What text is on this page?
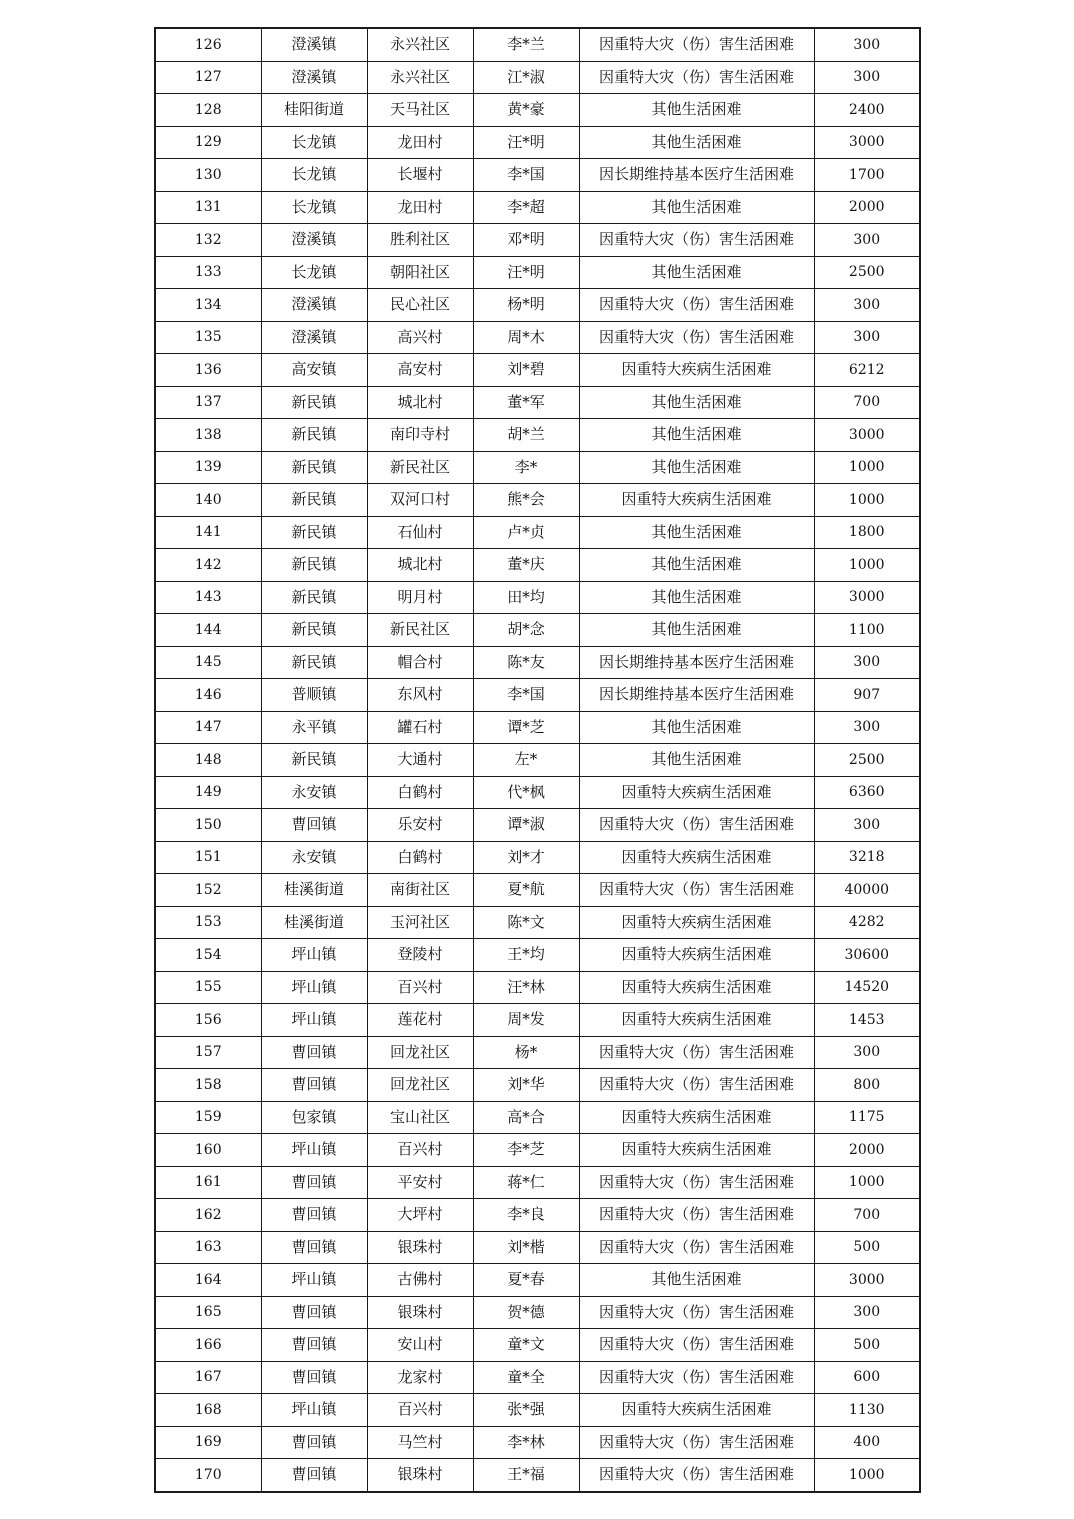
126	澄溪镇	永兴社区	李*兰	因重特大灾（伤）害生活困难	300
127	澄溪镇	永兴社区	江*淑	因重特大灾（伤）害生活困难	300
128	桂阳街道	天马社区	黄*豪	其他生活困难	2400
129	长龙镇	龙田村	汪*明	其他生活困难	3000
130	长龙镇	长堰村	李*国	因长期维持基本医疗生活困难	1700
131	长龙镇	龙田村	李*超	其他生活困难	2000
132	澄溪镇	胜利社区	邓*明	因重特大灾（伤）害生活困难	300
133	长龙镇	朝阳社区	汪*明	其他生活困难	2500
134	澄溪镇	民心社区	杨*明	因重特大灾（伤）害生活困难	300
135	澄溪镇	高兴村	周*木	因重特大灾（伤）害生活困难	300
136	高安镇	高安村	刘*碧	因重特大疾病生活困难	6212
137	新民镇	城北村	董*军	其他生活困难	700
138	新民镇	南印寺村	胡*兰	其他生活困难	3000
139	新民镇	新民社区	李*	其他生活困难	1000
140	新民镇	双河口村	熊*会	因重特大疾病生活困难	1000
141	新民镇	石仙村	卢*贞	其他生活困难	1800
142	新民镇	城北村	董*庆	其他生活困难	1000
143	新民镇	明月村	田*均	其他生活困难	3000
144	新民镇	新民社区	胡*念	其他生活困难	1100
145	新民镇	帽合村	陈*友	因长期维持基本医疗生活困难	300
146	普顺镇	东风村	李*国	因长期维持基本医疗生活困难	907
147	永平镇	罐石村	谭*芝	其他生活困难	300
148	新民镇	大通村	左*	其他生活困难	2500
149	永安镇	白鹤村	代*枫	因重特大疾病生活困难	6360
150	曹回镇	乐安村	谭*淑	因重特大灾（伤）害生活困难	300
151	永安镇	白鹤村	刘*才	因重特大疾病生活困难	3218
152	桂溪街道	南街社区	夏*航	因重特大灾（伤）害生活困难	40000
153	桂溪街道	玉河社区	陈*文	因重特大疾病生活困难	4282
154	坪山镇	登陵村	王*均	因重特大疾病生活困难	30600
155	坪山镇	百兴村	汪*林	因重特大疾病生活困难	14520
156	坪山镇	莲花村	周*发	因重特大疾病生活困难	1453
157	曹回镇	回龙社区	杨*	因重特大灾（伤）害生活困难	300
158	曹回镇	回龙社区	刘*华	因重特大灾（伤）害生活困难	800
159	包家镇	宝山社区	高*合	因重特大疾病生活困难	1175
160	坪山镇	百兴村	李*芝	因重特大疾病生活困难	2000
161	曹回镇	平安村	蒋*仁	因重特大灾（伤）害生活困难	1000
162	曹回镇	大坪村	李*良	因重特大灾（伤）害生活困难	700
163	曹回镇	银珠村	刘*楷	因重特大灾（伤）害生活困难	500
164	坪山镇	古佛村	夏*春	其他生活困难	3000
165	曹回镇	银珠村	贺*德	因重特大灾（伤）害生活困难	300
166	曹回镇	安山村	童*文	因重特大灾（伤）害生活困难	500
167	曹回镇	龙家村	童*全	因重特大灾（伤）害生活困难	600
168	坪山镇	百兴村	张*强	因重特大疾病生活困难	1130
169	曹回镇	马竺村	李*林	因重特大灾（伤）害生活困难	400
170	曹回镇	银珠村	王*福	因重特大灾（伤）害生活困难	1000
